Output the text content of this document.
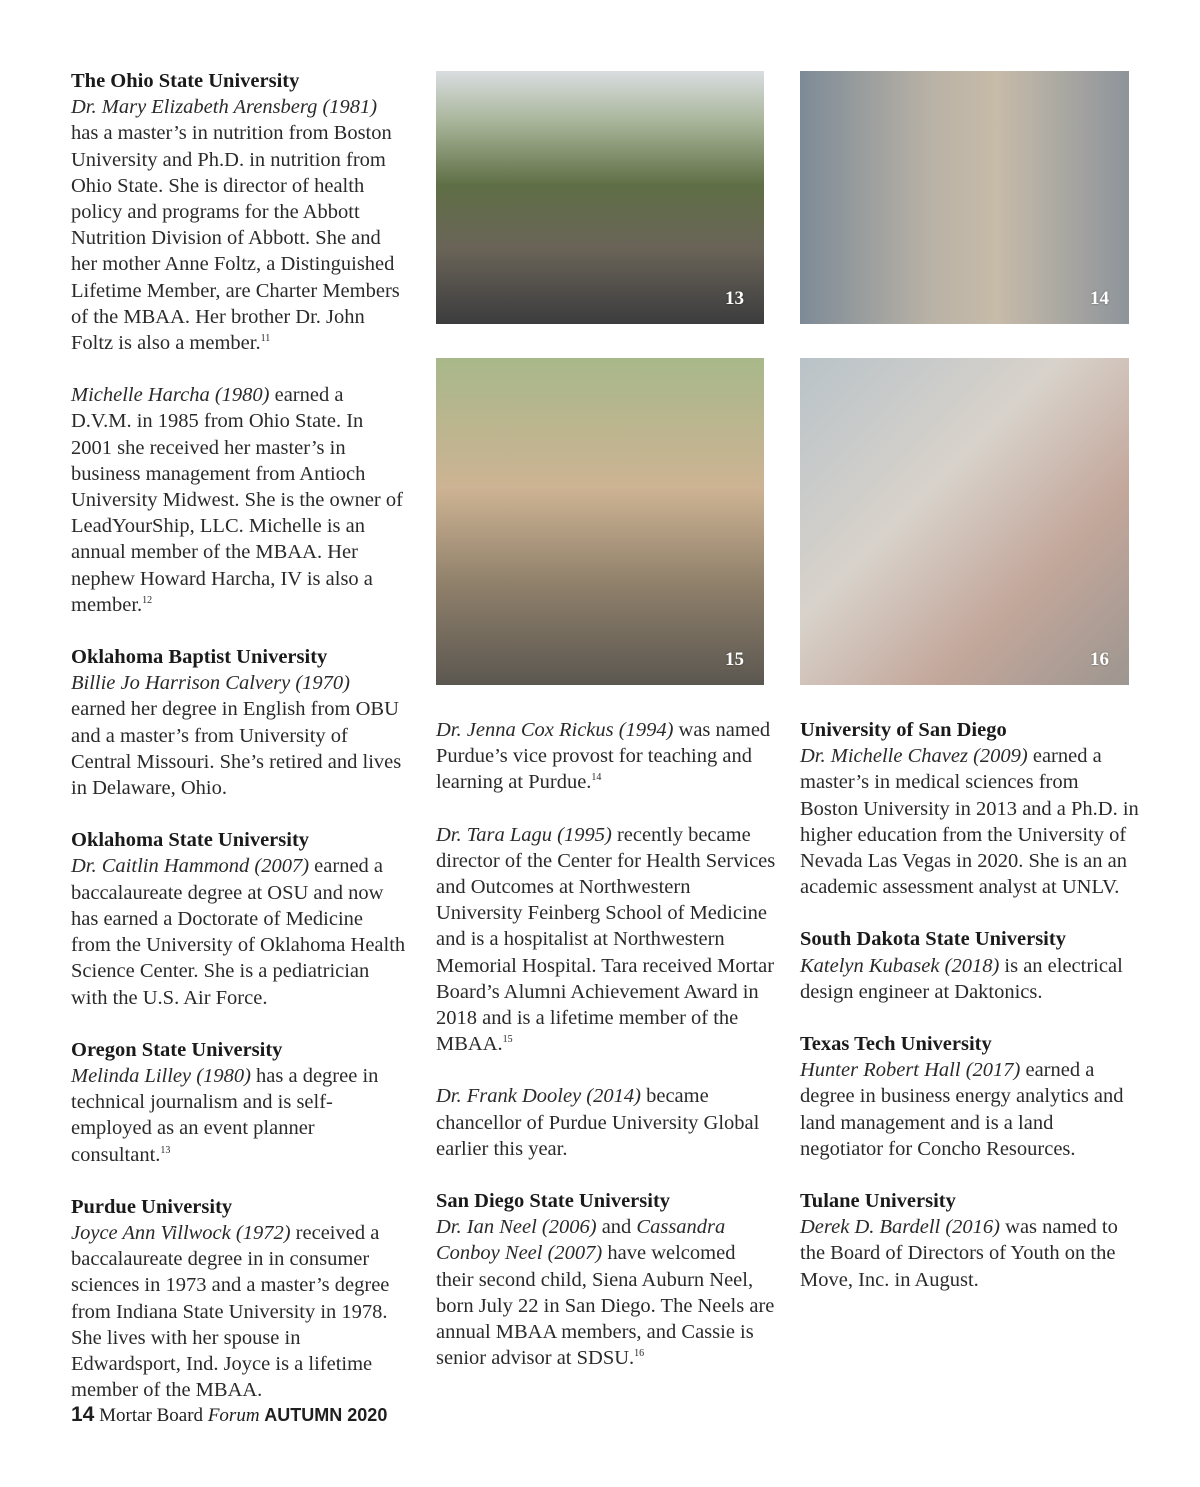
The Ohio State University

Dr. Mary Elizabeth Arensberg (1981)
has a master’s in nutrition from Boston University and Ph.D. in nutrition from Ohio State. She is director of health policy and programs for the Abbott Nutrition Division of Abbott. She and her mother Anne Foltz, a Distinguished Lifetime Member, are Charter Members of the MBAA. Her brother Dr. John Foltz is also a member.$^{11}$

Michelle Harcha (1980) earned a D.V.M. in 1985 from Ohio State. In 2001 she received her master’s in business management from Antioch University Midwest. She is the owner of LeadYourShip, LLC. Michelle is an annual member of the MBAA. Her nephew Howard Harcha, IV is also a member.$^{12}$

Oklahoma Baptist University

Billie Jo Harrison Calvery (1970)
earned her degree in English from OBU and a master’s from University of Central Missouri. She’s retired and lives in Delaware, Ohio.

Oklahoma State University

Dr. Caitlin Hammond (2007) earned a baccalaureate degree at OSU and now has earned a Doctorate of Medicine from the University of Oklahoma Health Science Center. She is a pediatrician with the U.S. Air Force.

Oregon State University

Melinda Lilley (1980) has a degree in technical journalism and is self-employed as an event planner consultant.$^{13}$

Purdue University

Joyce Ann Villwock (1972) received a baccalaureate degree in in consumer sciences in 1973 and a master’s degree from Indiana State University in 1978. She lives with her spouse in Edwardsport, Ind. Joyce is a lifetime member of the MBAA.

13	14
15	16

Dr. Jenna Cox Rickus (1994) was named Purdue’s vice provost for teaching and learning at Purdue.$^{14}$

Dr. Tara Lagu (1995) recently became director of the Center for Health Services and Outcomes at Northwestern University Feinberg School of Medicine and is a hospitalist at Northwestern Memorial Hospital. Tara received Mortar Board’s Alumni Achievement Award in 2018 and is a lifetime member of the MBAA.$^{15}$

Dr. Frank Dooley (2014) became chancellor of Purdue University Global earlier this year.

San Diego State University

Dr. Ian Neel (2006) and Cassandra Conboy Neel (2007) have welcomed their second child, Siena Auburn Neel, born July 22 in San Diego. The Neels are annual MBAA members, and Cassie is senior advisor at SDSU.$^{16}$

University of San Diego

Dr. Michelle Chavez (2009) earned a master’s in medical sciences from Boston University in 2013 and a Ph.D. in higher education from the University of Nevada Las Vegas in 2020. She is an an academic assessment analyst at UNLV.

South Dakota State University

Katelyn Kubasek (2018) is an electrical design engineer at Daktonics.

Texas Tech University

Hunter Robert Hall (2017) earned a degree in business energy analytics and land management and is a land negotiator for Concho Resources.

Tulane University

Derek D. Bardell (2016) was named to the Board of Directors of Youth on the Move, Inc. in August.

14 Mortar Board Forum AUTUMN 2020
